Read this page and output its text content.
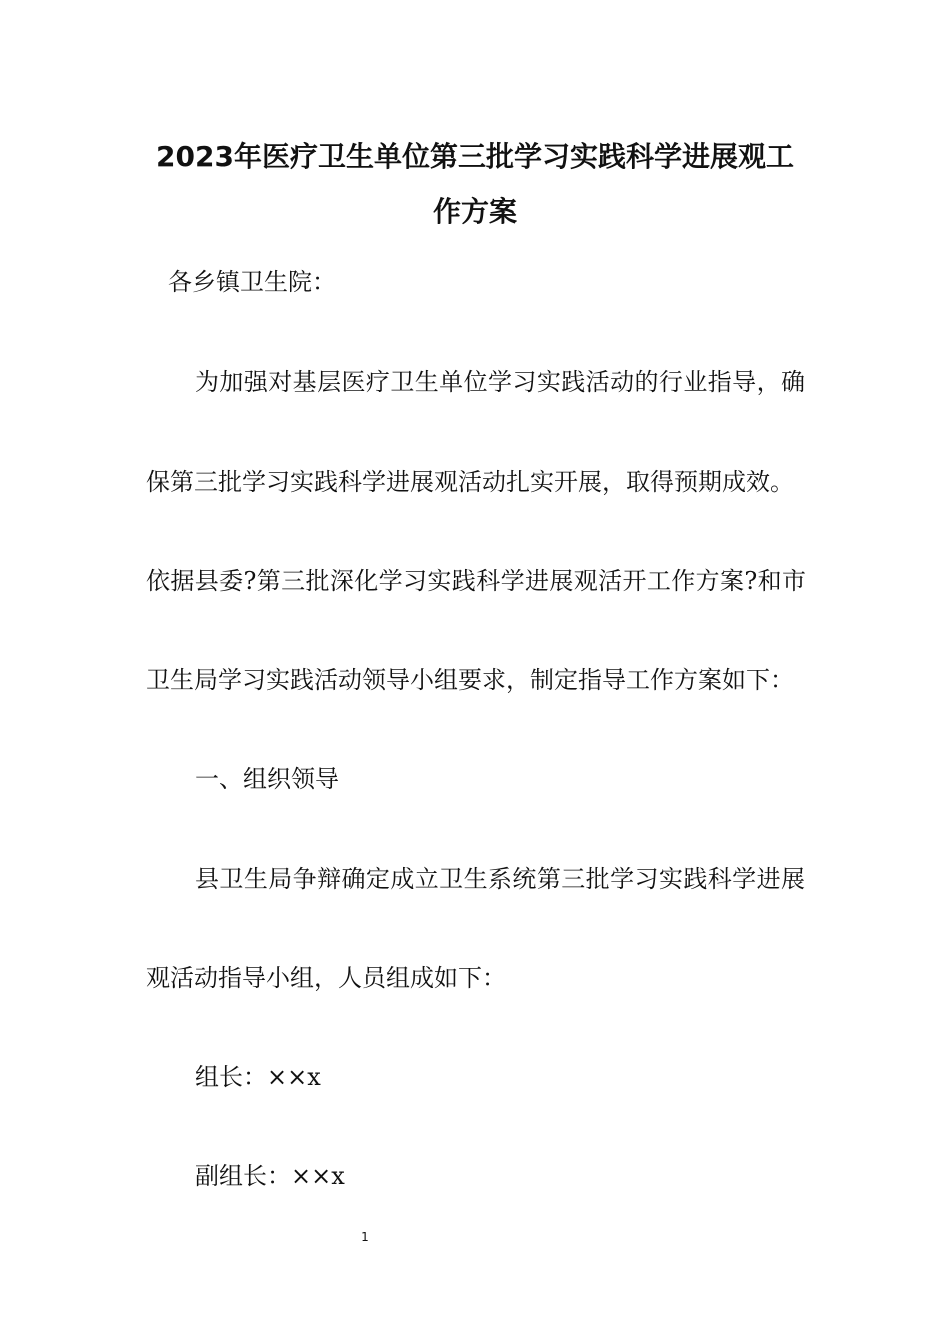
2023年医疗卫生单位第三批学习实践科学进展观工
作方案
各乡镇卫生院：
为加强对基层医疗卫生单位学习实践活动的行业指导，确
保第三批学习实践科学进展观活动扎实开展，取得预期成效。
依据县委?第三批深化学习实践科学进展观活开工作方案?和市
卫生局学习实践活动领导小组要求，制定指导工作方案如下：
一、组织领导
县卫生局争辩确定成立卫生系统第三批学习实践科学进展
观活动指导小组，人员组成如下：
组长：××x
副组长：××x
1
